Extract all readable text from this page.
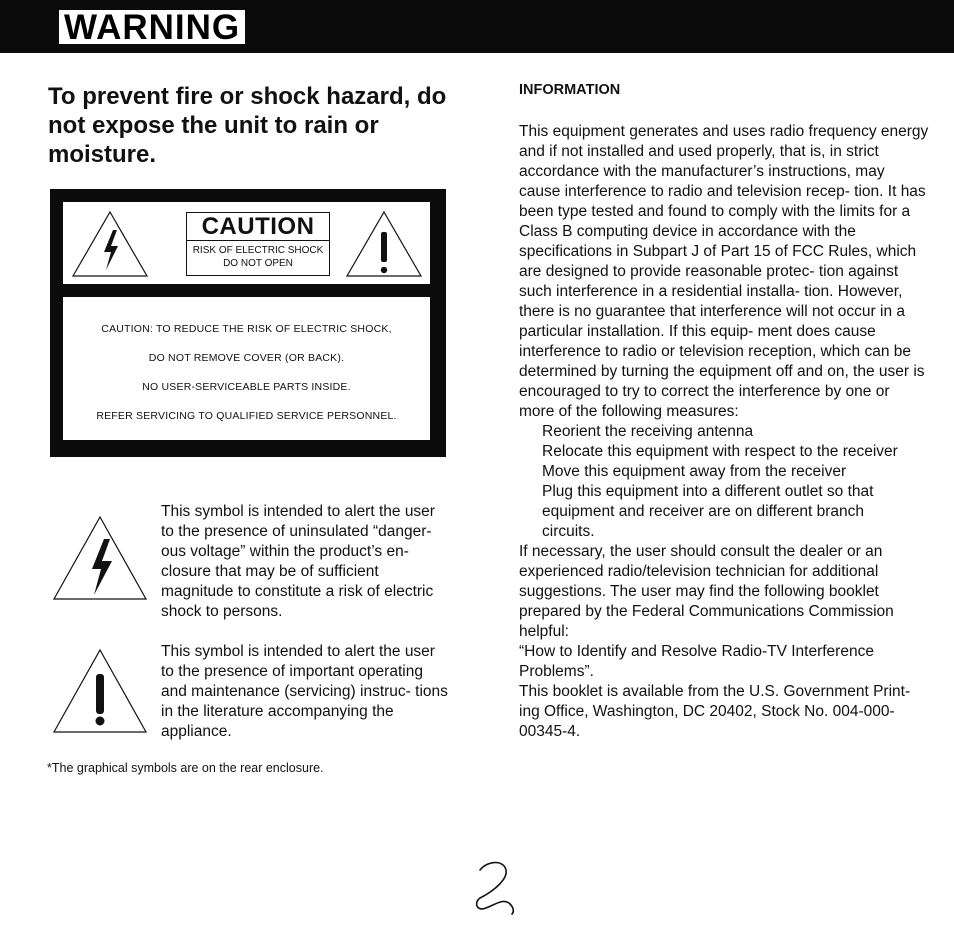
WARNING
To prevent fire or shock hazard, do not expose the unit to rain or moisture.
CAUTION
RISK OF ELECTRIC SHOCK
DO NOT OPEN
CAUTION: TO REDUCE THE RISK OF ELECTRIC SHOCK,
DO NOT REMOVE COVER (OR BACK).
NO USER-SERVICEABLE PARTS INSIDE.
REFER SERVICING TO QUALIFIED SERVICE PERSONNEL.
This symbol is intended to alert the user to the presence of uninsulated “danger- ous voltage” within the product’s en- closure that may be of sufficient magnitude to constitute a risk of electric shock to persons.
This symbol is intended to alert the user to the presence of important operating and maintenance (servicing) instruc- tions in the literature accompanying the appliance.
*The graphical symbols are on the rear enclosure.
INFORMATION
This equipment generates and uses radio frequency energy and if not installed and used properly, that is, in strict accordance with the manufacturer’s instructions, may cause interference to radio and television recep- tion. It has been type tested and found to comply with the limits for a Class B computing device in accordance with the specifications in Subpart J of Part 15 of FCC Rules, which are designed to provide reasonable protec- tion against such interference in a residential installa- tion. However, there is no guarantee that interference will not occur in a particular installation. If this equip- ment does cause interference to radio or television reception, which can be determined by turning the equipment off and on, the user is encouraged to try to correct the interference by one or more of the following measures:
Reorient the receiving antenna
Relocate this equipment with respect to the receiver
Move this equipment away from the receiver
Plug this equipment into a different outlet so that equipment and receiver are on different branch circuits.
If necessary, the user should consult the dealer or an experienced radio/television technician for additional suggestions. The user may find the following booklet prepared by the Federal Communications Commission helpful:
“How to Identify and Resolve Radio-TV Interference Problems”.
This booklet is available from the U.S. Government Print- ing Office, Washington, DC 20402, Stock No. 004-000-00345-4.
